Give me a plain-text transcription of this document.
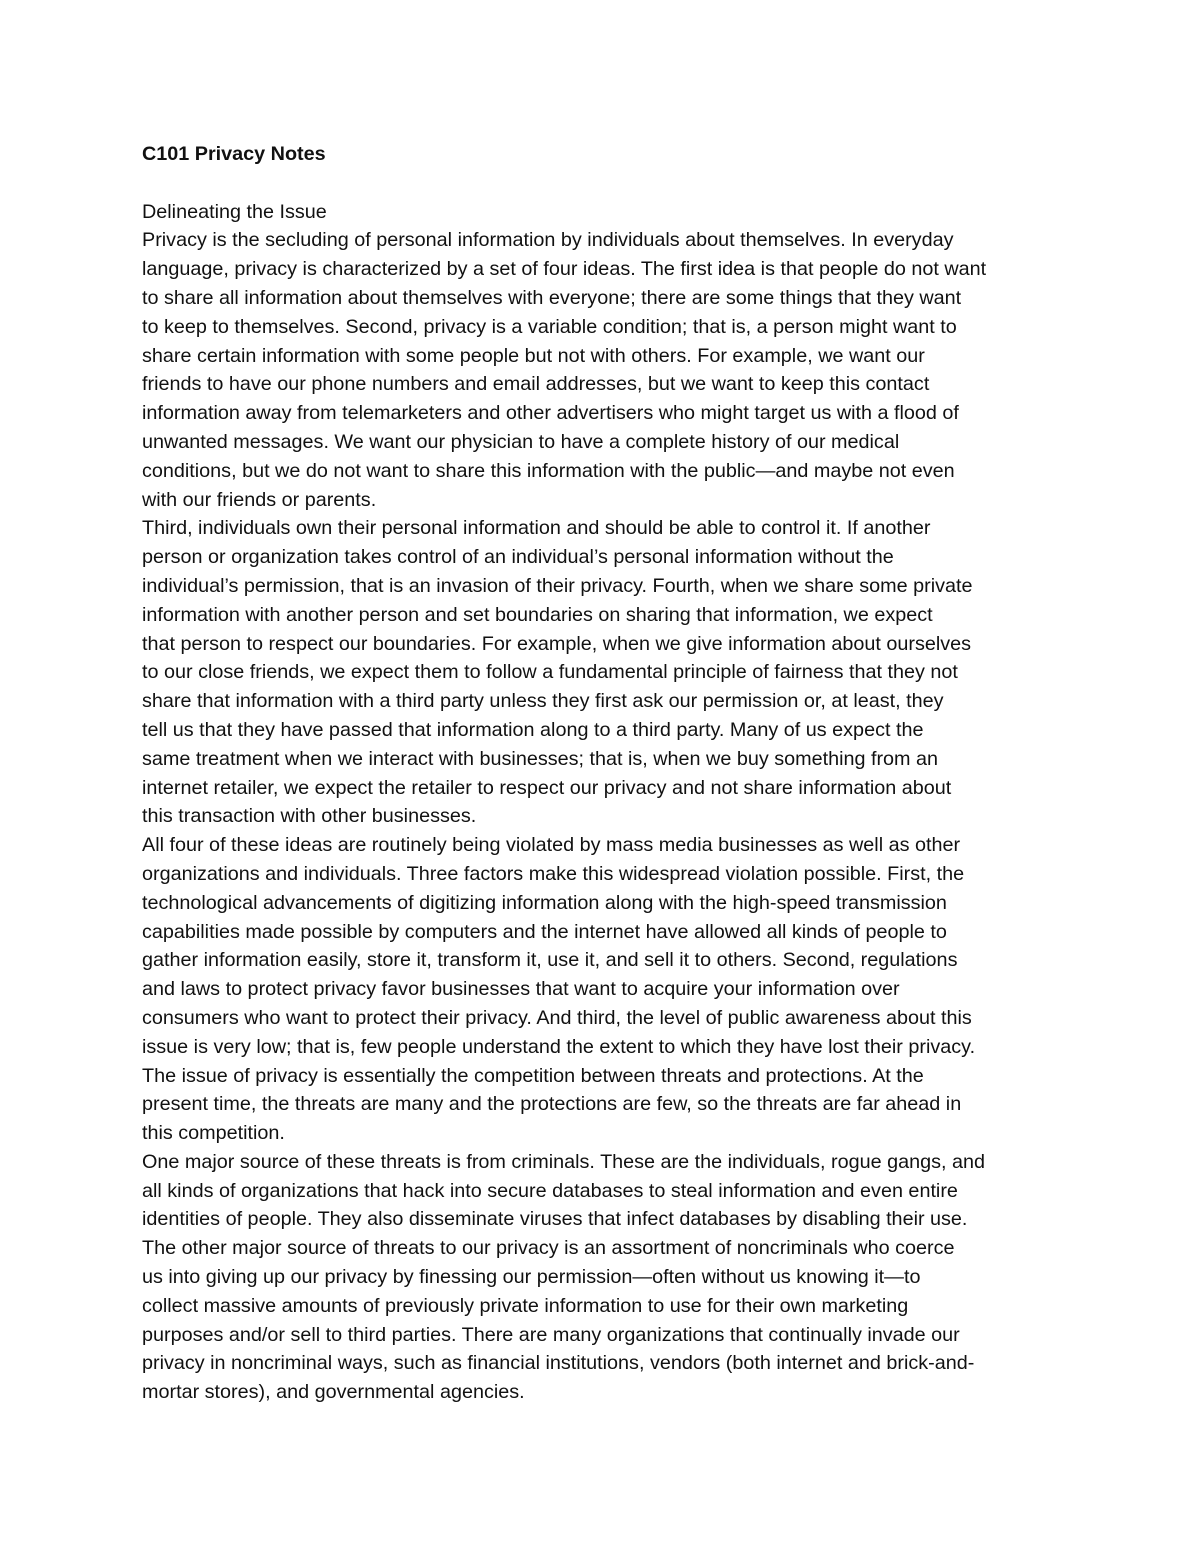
C101 Privacy Notes
Delineating the Issue

Privacy is the secluding of personal information by individuals about themselves. In everyday
language, privacy is characterized by a set of four ideas. The first idea is that people do not want
to share all information about themselves with everyone; there are some things that they want
to keep to themselves. Second, privacy is a variable condition; that is, a person might want to
share certain information with some people but not with others. For example, we want our
friends to have our phone numbers and email addresses, but we want to keep this contact
information away from telemarketers and other advertisers who might target us with a flood of
unwanted messages. We want our physician to have a complete history of our medical
conditions, but we do not want to share this information with the public—and maybe not even
with our friends or parents.

Third, individuals own their personal information and should be able to control it. If another
person or organization takes control of an individual’s personal information without the
individual’s permission, that is an invasion of their privacy. Fourth, when we share some private
information with another person and set boundaries on sharing that information, we expect
that person to respect our boundaries. For example, when we give information about ourselves
to our close friends, we expect them to follow a fundamental principle of fairness that they not
share that information with a third party unless they first ask our permission or, at least, they
tell us that they have passed that information along to a third party. Many of us expect the
same treatment when we interact with businesses; that is, when we buy something from an
internet retailer, we expect the retailer to respect our privacy and not share information about
this transaction with other businesses.

All four of these ideas are routinely being violated by mass media businesses as well as other
organizations and individuals. Three factors make this widespread violation possible. First, the
technological advancements of digitizing information along with the high-speed transmission
capabilities made possible by computers and the internet have allowed all kinds of people to
gather information easily, store it, transform it, use it, and sell it to others. Second, regulations
and laws to protect privacy favor businesses that want to acquire your information over
consumers who want to protect their privacy. And third, the level of public awareness about this
issue is very low; that is, few people understand the extent to which they have lost their privacy.
The issue of privacy is essentially the competition between threats and protections. At the
present time, the threats are many and the protections are few, so the threats are far ahead in
this competition.

One major source of these threats is from criminals. These are the individuals, rogue gangs, and
all kinds of organizations that hack into secure databases to steal information and even entire
identities of people. They also disseminate viruses that infect databases by disabling their use.
The other major source of threats to our privacy is an assortment of noncriminals who coerce
us into giving up our privacy by finessing our permission—often without us knowing it—to
collect massive amounts of previously private information to use for their own marketing
purposes and/or sell to third parties. There are many organizations that continually invade our
privacy in noncriminal ways, such as financial institutions, vendors (both internet and brick-and-
mortar stores), and governmental agencies.
